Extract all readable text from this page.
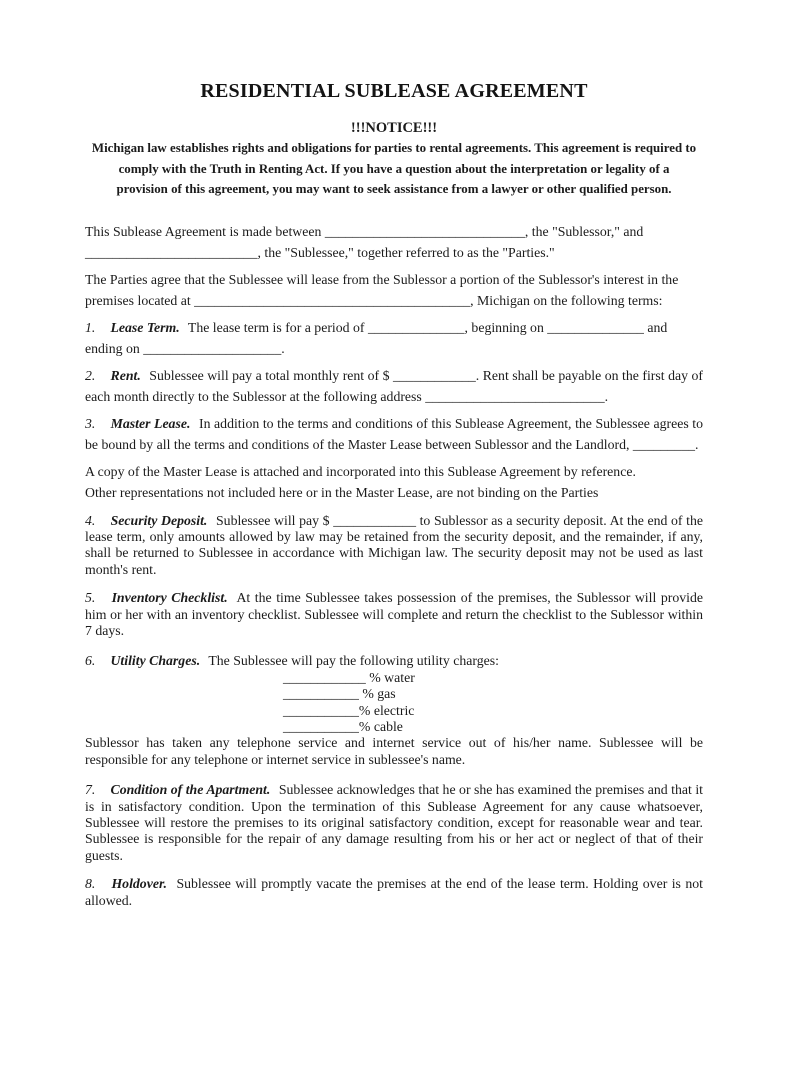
RESIDENTIAL SUBLEASE AGREEMENT
!!!NOTICE!!!
Michigan law establishes rights and obligations for parties to rental agreements. This agreement is required to
comply with the Truth in Renting Act. If you have a question about the interpretation or legality of a
provision of this agreement, you may want to seek assistance from a lawyer or other qualified person.
This Sublease Agreement is made between _____________________________, the "Sublessor," and
_________________________, the "Sublessee," together referred to as the "Parties."

The Parties agree that the Sublessee will lease from the Sublessor a portion of the Sublessor's interest in the premises located at ________________________________________, Michigan on the following terms:

1. Lease Term. The lease term is for a period of ______________, beginning on ______________ and ending on ____________________.

2. Rent. Sublessee will pay a total monthly rent of $ ____________. Rent shall be payable on the first day of each month directly to the Sublessor at the following address __________________________.

3. Master Lease. In addition to the terms and conditions of this Sublease Agreement, the Sublessee agrees to be bound by all the terms and conditions of the Master Lease between Sublessor and the Landlord, _________.

A copy of the Master Lease is attached and incorporated into this Sublease Agreement by reference.
Other representations not included here or in the Master Lease, are not binding on the Parties

4. Security Deposit. Sublessee will pay $ ____________ to Sublessor as a security deposit. At the end of the lease term, only amounts allowed by law may be retained from the security deposit, and the remainder, if any, shall be returned to Sublessee in accordance with Michigan law. The security deposit may not be used as last month's rent.

5. Inventory Checklist. At the time Sublessee takes possession of the premises, the Sublessor will provide him or her with an inventory checklist. Sublessee will complete and return the checklist to the Sublessor within 7 days.

6. Utility Charges. The Sublessee will pay the following utility charges:

____________ % water
___________ % gas
___________% electric
___________% cable

Sublessor has taken any telephone service and internet service out of his/her name. Sublessee will be responsible for any telephone or internet service in sublessee's name.

7. Condition of the Apartment. Sublessee acknowledges that he or she has examined the premises and that it is in satisfactory condition. Upon the termination of this Sublease Agreement for any cause whatsoever, Sublessee will restore the premises to its original satisfactory condition, except for reasonable wear and tear. Sublessee is responsible for the repair of any damage resulting from his or her act or neglect of that of their guests.

8. Holdover. Sublessee will promptly vacate the premises at the end of the lease term. Holding over is not allowed.
